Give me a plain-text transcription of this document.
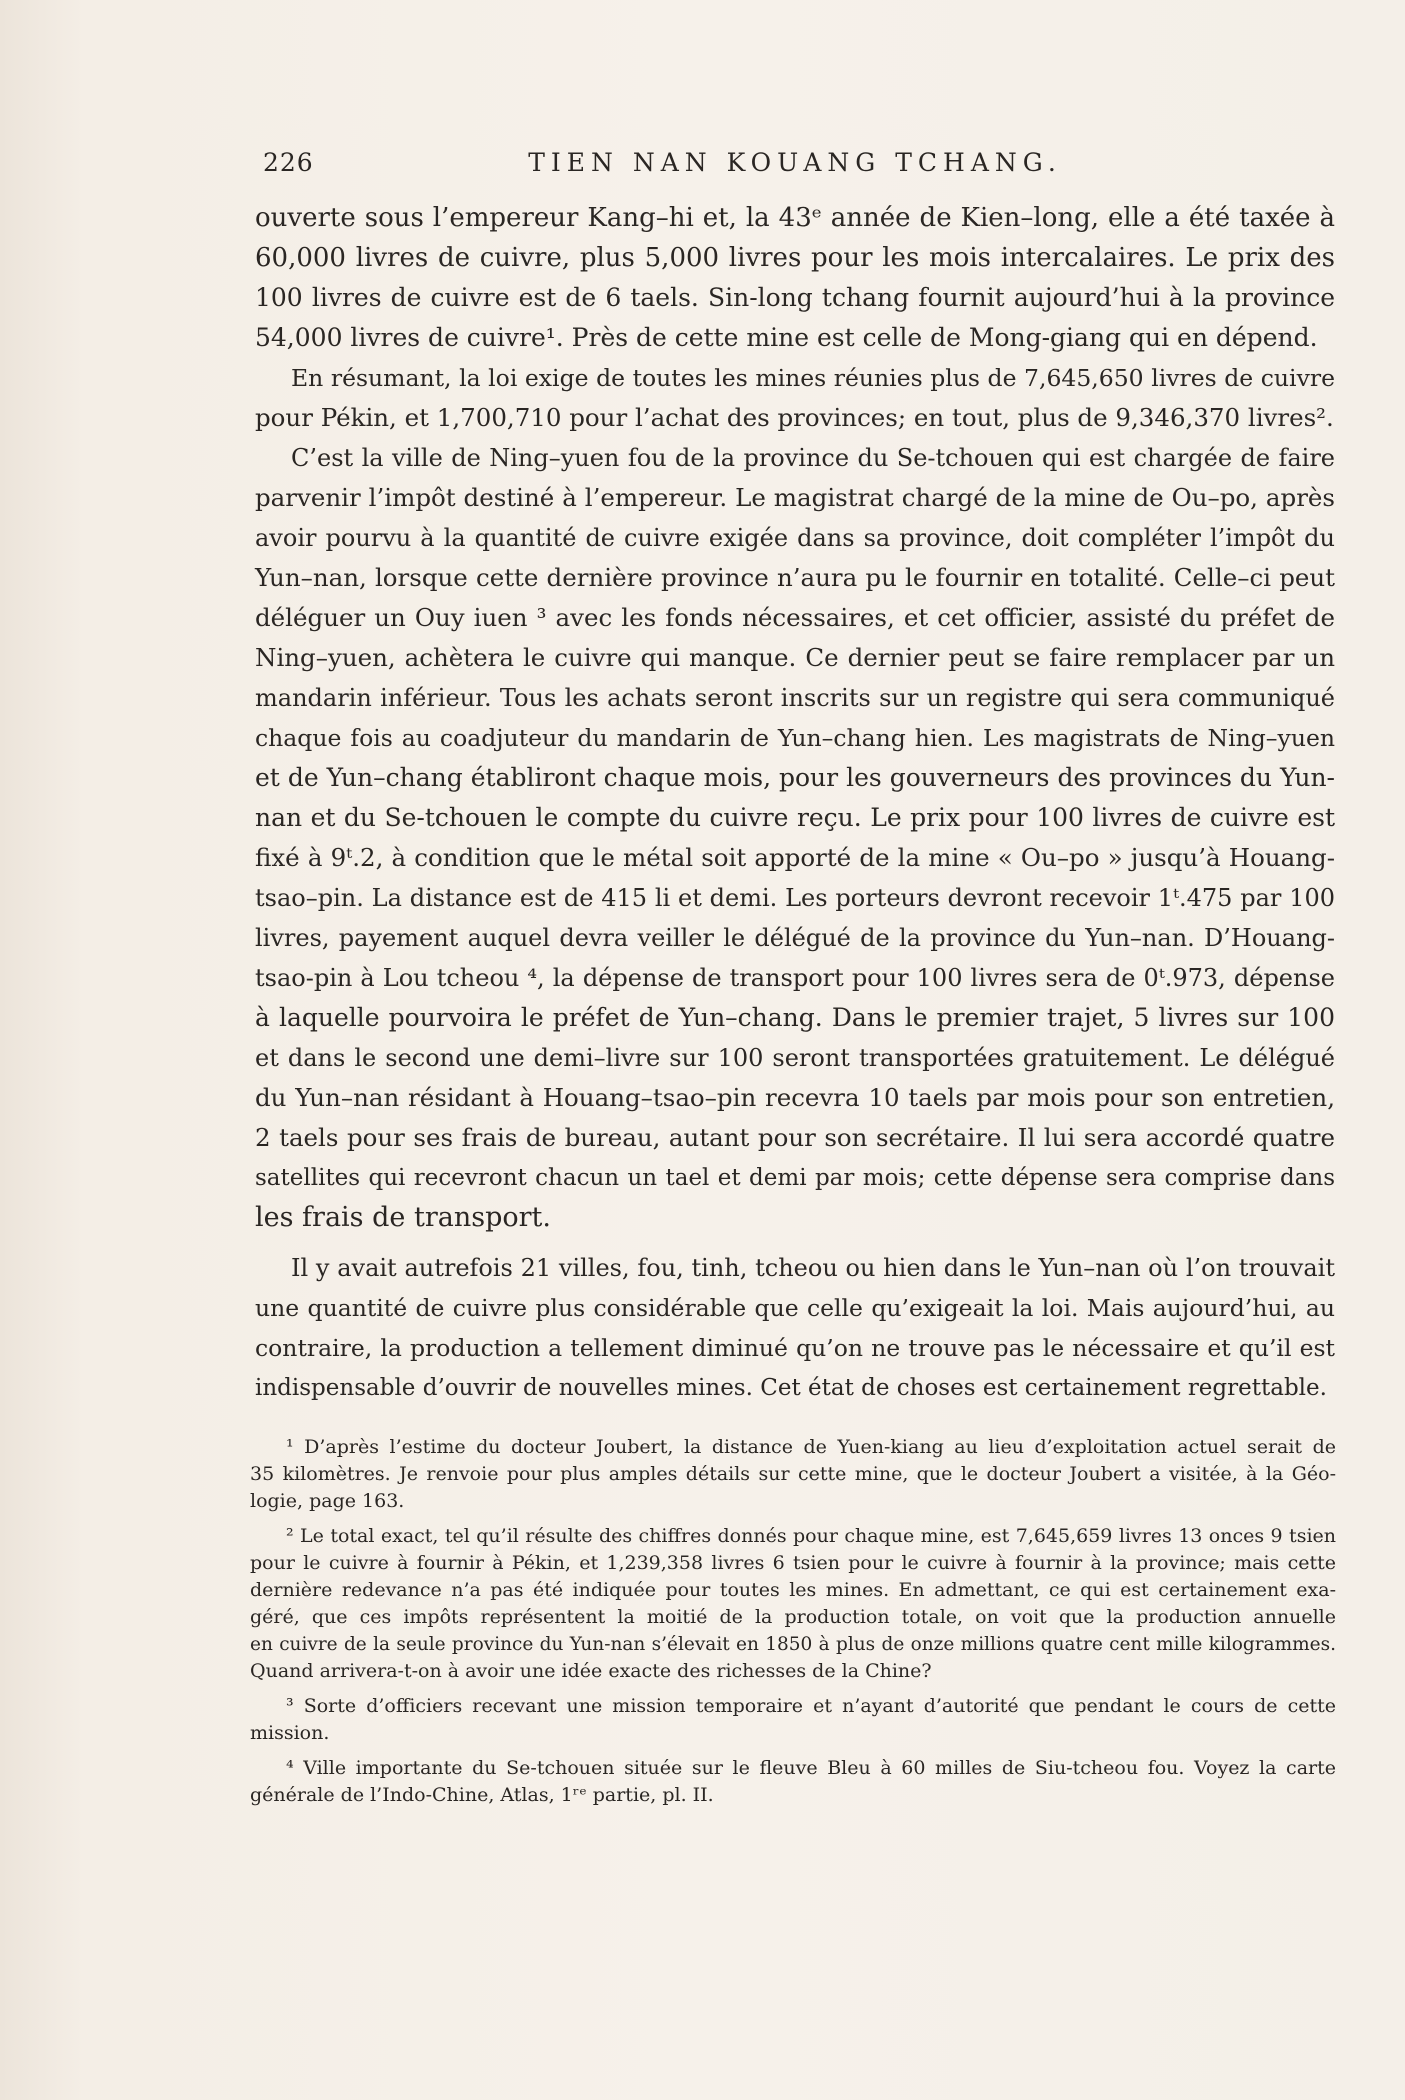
226	TIEN NAN KOUANG TCHANG.
ouverte sous l’empereur Kang–hi et, la 43ᵉ année de Kien–long, elle a été taxée à
60,000 livres de cuivre, plus 5,000 livres pour les mois intercalaires. Le prix des
100 livres de cuivre est de 6 taels. Sin-long tchang fournit aujourd’hui à la province
54,000 livres de cuivre¹. Près de cette mine est celle de Mong-giang qui en dépend.
En résumant, la loi exige de toutes les mines réunies plus de 7,645,650 livres de cuivre
pour Pékin, et 1,700,710 pour l’achat des provinces; en tout, plus de 9,346,370 livres².
C’est la ville de Ning–yuen fou de la province du Se-tchouen qui est chargée de faire
parvenir l’impôt destiné à l’empereur. Le magistrat chargé de la mine de Ou–po, après
avoir pourvu à la quantité de cuivre exigée dans sa province, doit compléter l’impôt du
Yun–nan, lorsque cette dernière province n’aura pu le fournir en totalité. Celle–ci peut
déléguer un Ouy iuen ³ avec les fonds nécessaires, et cet officier, assisté du préfet de
Ning–yuen, achètera le cuivre qui manque. Ce dernier peut se faire remplacer par un
mandarin inférieur. Tous les achats seront inscrits sur un registre qui sera communiqué
chaque fois au coadjuteur du mandarin de Yun–chang hien. Les magistrats de Ning–yuen
et de Yun–chang établiront chaque mois, pour les gouverneurs des provinces du Yun-
nan et du Se-tchouen le compte du cuivre reçu. Le prix pour 100 livres de cuivre est
fixé à 9ᵗ.2, à condition que le métal soit apporté de la mine « Ou–po » jusqu’à Houang-
tsao–pin. La distance est de 415 li et demi. Les porteurs devront recevoir 1ᵗ.475 par 100
livres, payement auquel devra veiller le délégué de la province du Yun–nan. D’Houang-
tsao-pin à Lou tcheou ⁴, la dépense de transport pour 100 livres sera de 0ᵗ.973, dépense
à laquelle pourvoira le préfet de Yun–chang. Dans le premier trajet, 5 livres sur 100
et dans le second une demi–livre sur 100 seront transportées gratuitement. Le délégué
du Yun–nan résidant à Houang–tsao–pin recevra 10 taels par mois pour son entretien,
2 taels pour ses frais de bureau, autant pour son secrétaire. Il lui sera accordé quatre
satellites qui recevront chacun un tael et demi par mois; cette dépense sera comprise dans
les frais de transport.
Il y avait autrefois 21 villes, fou, tinh, tcheou ou hien dans le Yun–nan où l’on trouvait
une quantité de cuivre plus considérable que celle qu’exigeait la loi. Mais aujourd’hui, au
contraire, la production a tellement diminué qu’on ne trouve pas le nécessaire et qu’il est
indispensable d’ouvrir de nouvelles mines. Cet état de choses est certainement regrettable.
¹ D’après l’estime du docteur Joubert, la distance de Yuen-kiang au lieu d’exploitation actuel serait de
35 kilomètres. Je renvoie pour plus amples détails sur cette mine, que le docteur Joubert a visitée, à la Géo-
logie, page 163.
² Le total exact, tel qu’il résulte des chiffres donnés pour chaque mine, est 7,645,659 livres 13 onces 9 tsien
pour le cuivre à fournir à Pékin, et 1,239,358 livres 6 tsien pour le cuivre à fournir à la province; mais cette
dernière redevance n’a pas été indiquée pour toutes les mines. En admettant, ce qui est certainement exa-
géré, que ces impôts représentent la moitié de la production totale, on voit que la production annuelle
en cuivre de la seule province du Yun-nan s’élevait en 1850 à plus de onze millions quatre cent mille kilogrammes.
Quand arrivera-t-on à avoir une idée exacte des richesses de la Chine?
³ Sorte d’officiers recevant une mission temporaire et n’ayant d’autorité que pendant le cours de cette
mission.
⁴ Ville importante du Se-tchouen située sur le fleuve Bleu à 60 milles de Siu-tcheou fou. Voyez la carte
générale de l’Indo-Chine, Atlas, 1ʳᵉ partie, pl. II.
